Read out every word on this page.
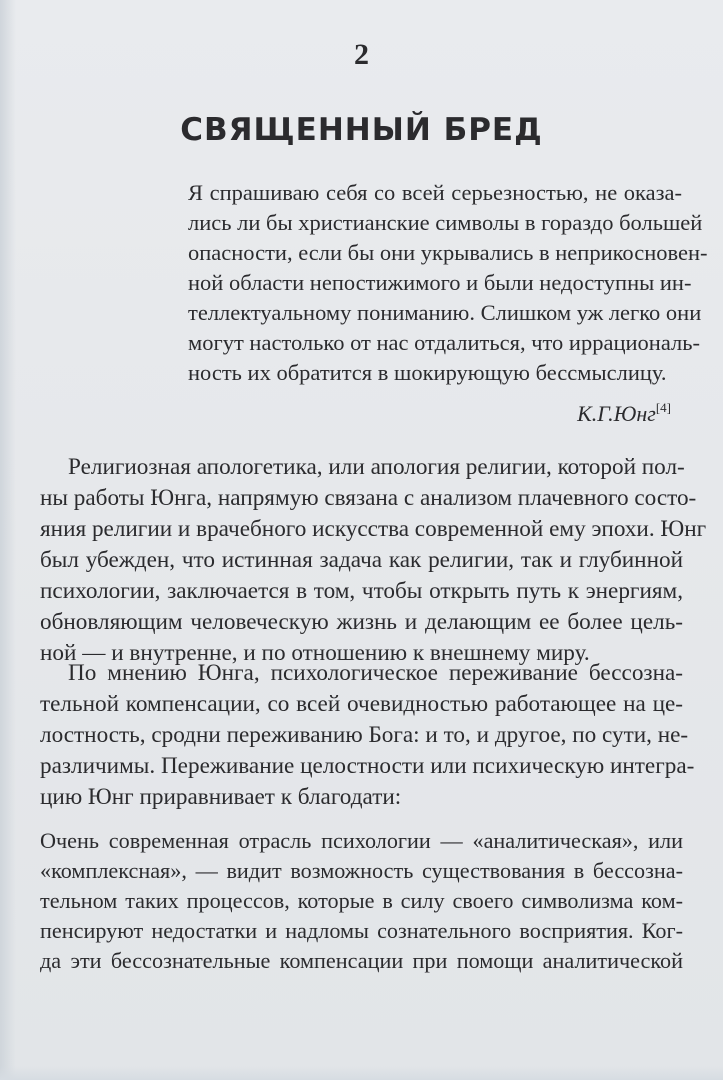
2
СВЯЩЕННЫЙ БРЕД
Я спрашиваю себя со всей серьезностью, не оказа-
лись ли бы христианские символы в гораздо большей
опасности, если бы они укрывались в неприкосновен-
ной области непостижимого и были недоступны ин-
теллектуальному пониманию. Слишком уж легко они
могут настолько от нас отдалиться, что иррациональ-
ность их обратится в шокирующую бессмыслицу.
К.Г.Юнг[4]
Религиозная апологетика, или апология религии, которой пол-
ны работы Юнга, напрямую связана с анализом плачевного состо-
яния религии и врачебного искусства современной ему эпохи. Юнг
был убежден, что истинная задача как религии, так и глубинной
психологии, заключается в том, чтобы открыть путь к энергиям,
обновляющим человеческую жизнь и делающим ее более цель-
ной — и внутренне, и по отношению к внешнему миру.
По мнению Юнга, психологическое переживание бессозна-
тельной компенсации, со всей очевидностью работающее на це-
лостность, сродни переживанию Бога: и то, и другое, по сути, не-
различимы. Переживание целостности или психическую интегра-
цию Юнг приравнивает к благодати:
Очень современная отрасль психологии — «аналитическая», или
«комплексная», — видит возможность существования в бессозна-
тельном таких процессов, которые в силу своего символизма ком-
пенсируют недостатки и надломы сознательного восприятия. Ког-
да эти бессознательные компенсации при помощи аналитической
